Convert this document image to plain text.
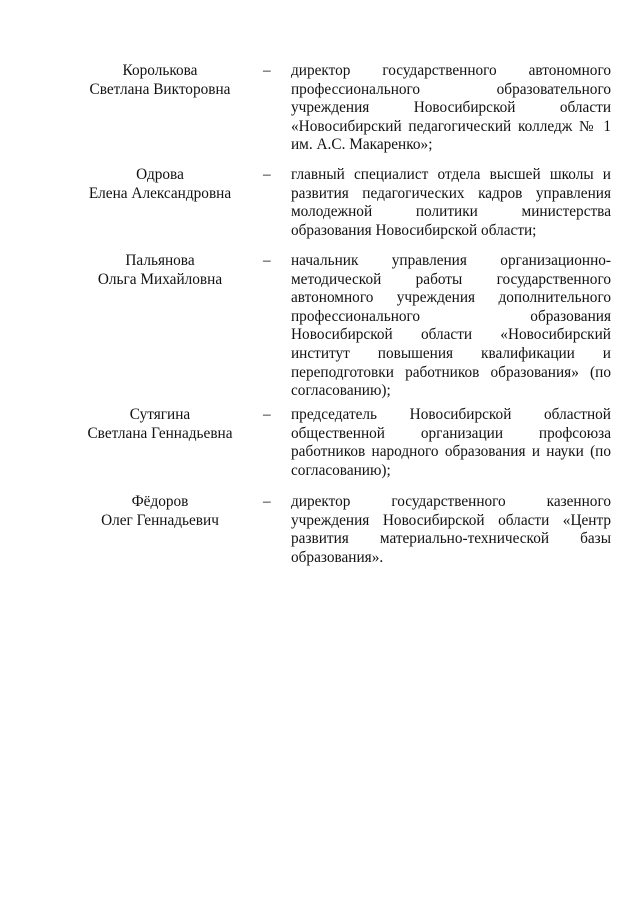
Королькова
Светлана Викторовна
– директор государственного автономного
профессионального образовательного
учреждения Новосибирской области
«Новосибирский педагогический колледж № 1
им. А.С. Макаренко»;
Одрова
Елена Александровна
– главный специалист отдела высшей школы и
развития педагогических кадров управления
молодежной политики министерства
образования Новосибирской области;
Пальянова
Ольга Михайловна
– начальник управления организационно-
методической работы государственного
автономного учреждения дополнительного
профессионального образования
Новосибирской области «Новосибирский
институт повышения квалификации и
переподготовки работников образования» (по
согласованию);
Сутягина
Светлана Геннадьевна
– председатель Новосибирской областной
общественной организации профсоюза
работников народного образования и науки (по
согласованию);
Фёдоров
Олег Геннадьевич
– директор государственного казенного
учреждения Новосибирской области «Центр
развития материально-технической базы
образования».
